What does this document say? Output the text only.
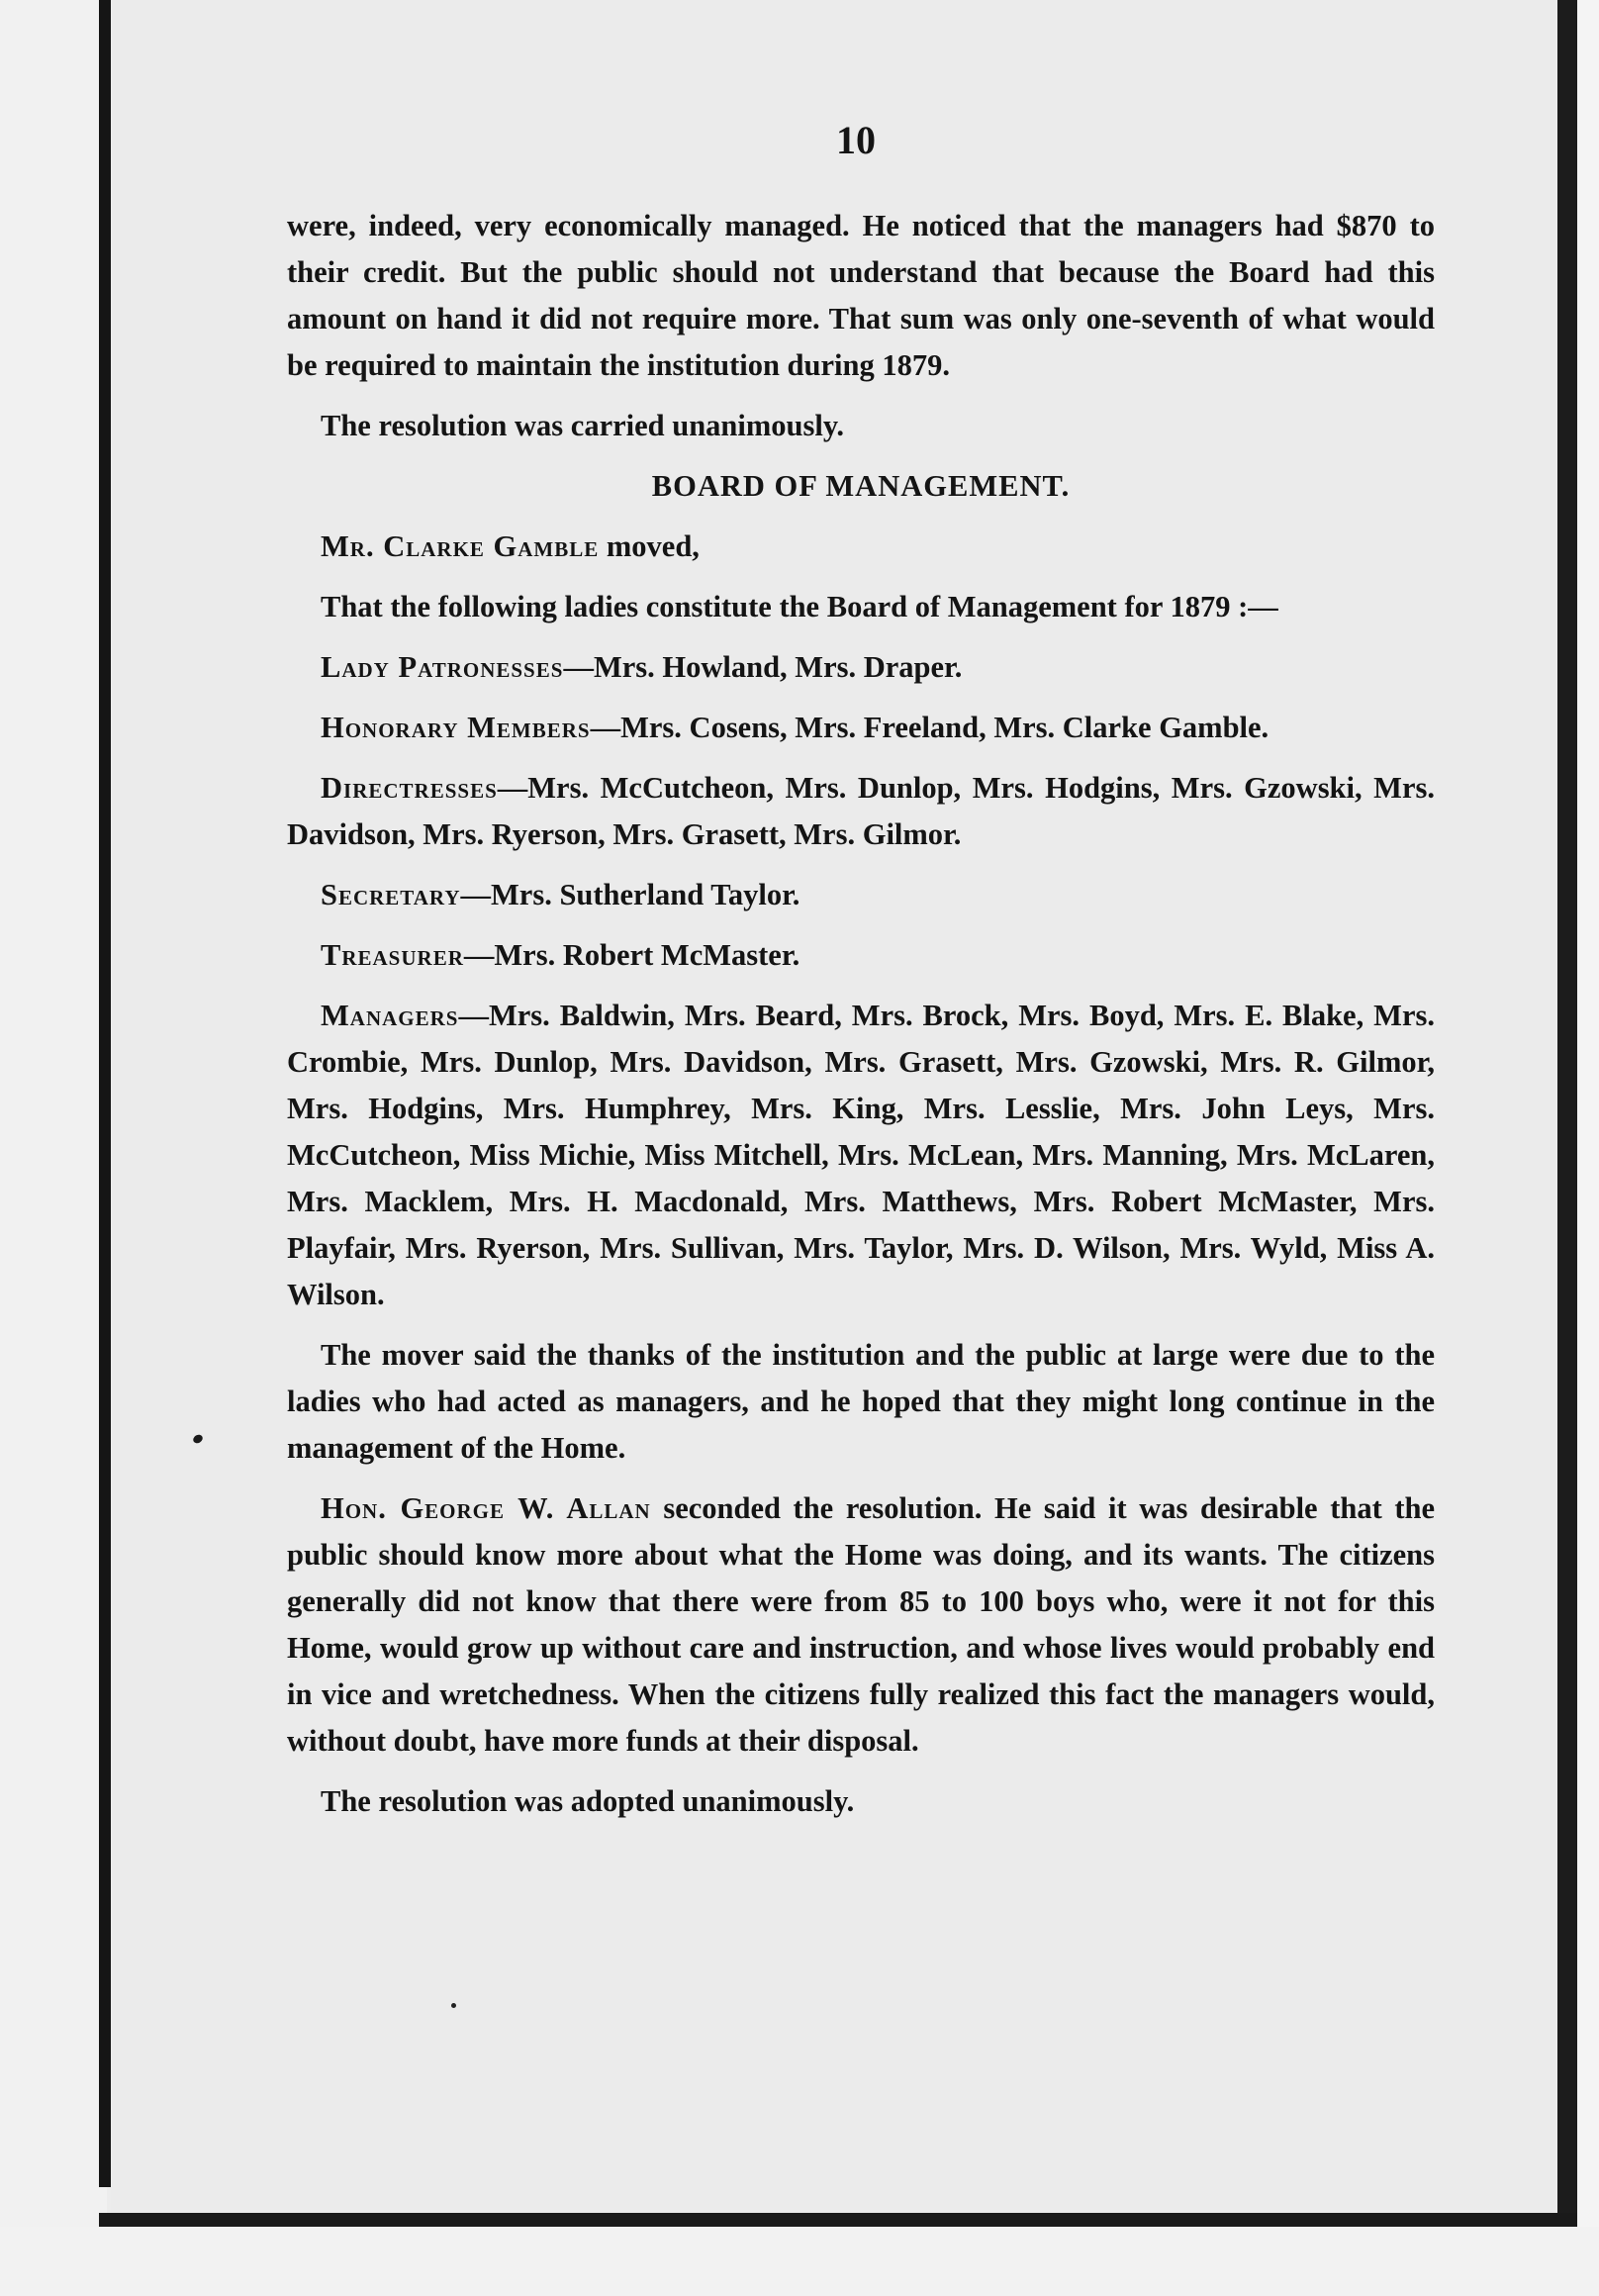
10

were, indeed, very economically managed. He noticed that the managers had $870 to their credit. But the public should not understand that because the Board had this amount on hand it did not require more. That sum was only one-seventh of what would be required to maintain the institution during 1879.

The resolution was carried unanimously.

BOARD OF MANAGEMENT.

Mr. Clarke Gamble moved,

That the following ladies constitute the Board of Management for 1879 :—

Lady Patronesses—Mrs. Howland, Mrs. Draper.

Honorary Members—Mrs. Cosens, Mrs. Freeland, Mrs. Clarke Gamble.

Directresses—Mrs. McCutcheon, Mrs. Dunlop, Mrs. Hodgins, Mrs. Gzowski, Mrs. Davidson, Mrs. Ryerson, Mrs. Grasett, Mrs. Gilmor.

Secretary—Mrs. Sutherland Taylor.

Treasurer—Mrs. Robert McMaster.

Managers—Mrs. Baldwin, Mrs. Beard, Mrs. Brock, Mrs. Boyd, Mrs. E. Blake, Mrs. Crombie, Mrs. Dunlop, Mrs. Davidson, Mrs. Grasett, Mrs. Gzowski, Mrs. R. Gilmor, Mrs. Hodgins, Mrs. Humphrey, Mrs. King, Mrs. Lesslie, Mrs. John Leys, Mrs. McCutcheon, Miss Michie, Miss Mitchell, Mrs. McLean, Mrs. Manning, Mrs. McLaren, Mrs. Macklem, Mrs. H. Macdonald, Mrs. Matthews, Mrs. Robert McMaster, Mrs. Playfair, Mrs. Ryerson, Mrs. Sullivan, Mrs. Taylor, Mrs. D. Wilson, Mrs. Wyld, Miss A. Wilson.

The mover said the thanks of the institution and the public at large were due to the ladies who had acted as managers, and he hoped that they might long continue in the management of the Home.

Hon. George W. Allan seconded the resolution. He said it was desirable that the public should know more about what the Home was doing, and its wants. The citizens generally did not know that there were from 85 to 100 boys who, were it not for this Home, would grow up without care and instruction, and whose lives would probably end in vice and wretchedness. When the citizens fully realized this fact the managers would, without doubt, have more funds at their disposal.

The resolution was adopted unanimously.
